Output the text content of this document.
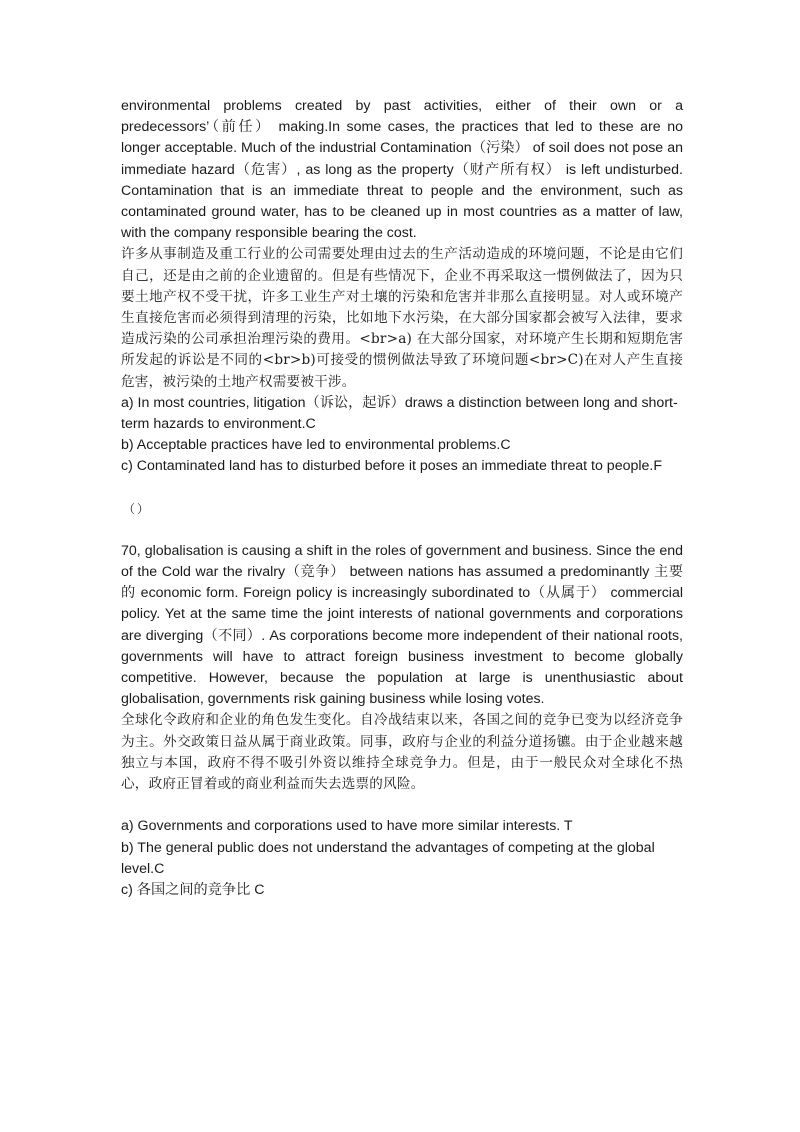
environmental problems created by past activities, either of their own or a predecessors’（前任） making.In some cases, the practices that led to these are no longer acceptable. Much of the industrial Contamination（污染） of soil does not pose an immediate hazard（危害）, as long as the property（财产所有权） is left undisturbed. Contamination that is an immediate threat to people and the environment, such as contaminated ground water, has to be cleaned up in most countries as a matter of law, with the company responsible bearing the cost.

许多从事制造及重工行业的公司需要处理由过去的生产活动造成的环境问题，不论是由它们自己，还是由之前的企业遗留的。但是有些情况下，企业不再采取这一惯例做法了，因为只要土地产权不受干扰，许多工业生产对土壤的污染和危害并非那么直接明显。对人或环境产生直接危害而必须得到清理的污染，比如地下水污染，在大部分国家都会被写入法律，要求造成污染的公司承担治理污染的费用。<br>a) 在大部分国家，对环境产生长期和短期危害所发起的诉讼是不同的<br>b)可接受的惯例做法导致了环境问题<br>C)在对人产生直接危害，被污染的土地产权需要被干涉。

a) In most countries, litigation（诉讼，起诉）draws a distinction between long and short-term hazards to environment.C

b) Acceptable practices have led to environmental problems.C

c) Contaminated land has to disturbed before it poses an immediate threat to people.F

（）

70, globalisation is causing a shift in the roles of government and business. Since the end of the Cold war the rivalry（竞争） between nations has assumed a predominantly 主要的 economic form. Foreign policy is increasingly subordinated to（从属于） commercial policy. Yet at the same time the joint interests of national governments and corporations are diverging（不同）. As corporations become more independent of their national roots, governments will have to attract foreign business investment to become globally competitive. However, because the population at large is unenthusiastic about globalisation, governments risk gaining business while losing votes.

全球化令政府和企业的角色发生变化。自冷战结束以来，各国之间的竞争已变为以经济竞争为主。外交政策日益从属于商业政策。同事，政府与企业的利益分道扬镳。由于企业越来越独立与本国，政府不得不吸引外资以维持全球竞争力。但是，由于一般民众对全球化不热心，政府正冒着或的商业利益而失去选票的风险。

a) Governments and corporations used to have more similar interests. T

b) The general public does not understand the advantages of competing at the global level.C

c) 各国之间的竞争比 C
